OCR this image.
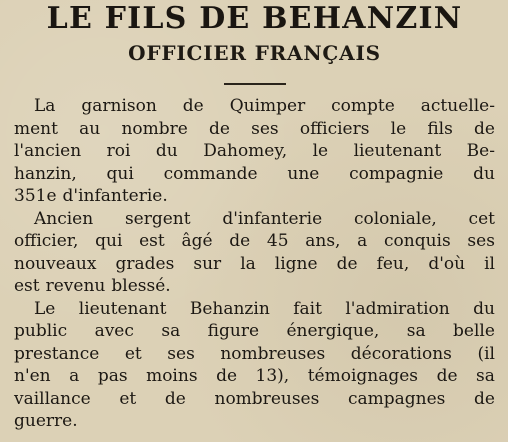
LE FILS DE BEHANZIN
OFFICIER FRANÇAIS
La garnison de Quimper compte actuelle-
ment au nombre de ses officiers le fils de
l'ancien roi du Dahomey, le lieutenant Be-
hanzin, qui commande une compagnie du
351e d'infanterie.
Ancien sergent d'infanterie coloniale, cet
officier, qui est âgé de 45 ans, a conquis ses
nouveaux grades sur la ligne de feu, d'où il
est revenu blessé.
Le lieutenant Behanzin fait l'admiration du
public avec sa figure énergique, sa belle
prestance et ses nombreuses décorations (il
n'en a pas moins de 13), témoignages de sa
vaillance et de nombreuses campagnes de
guerre.
